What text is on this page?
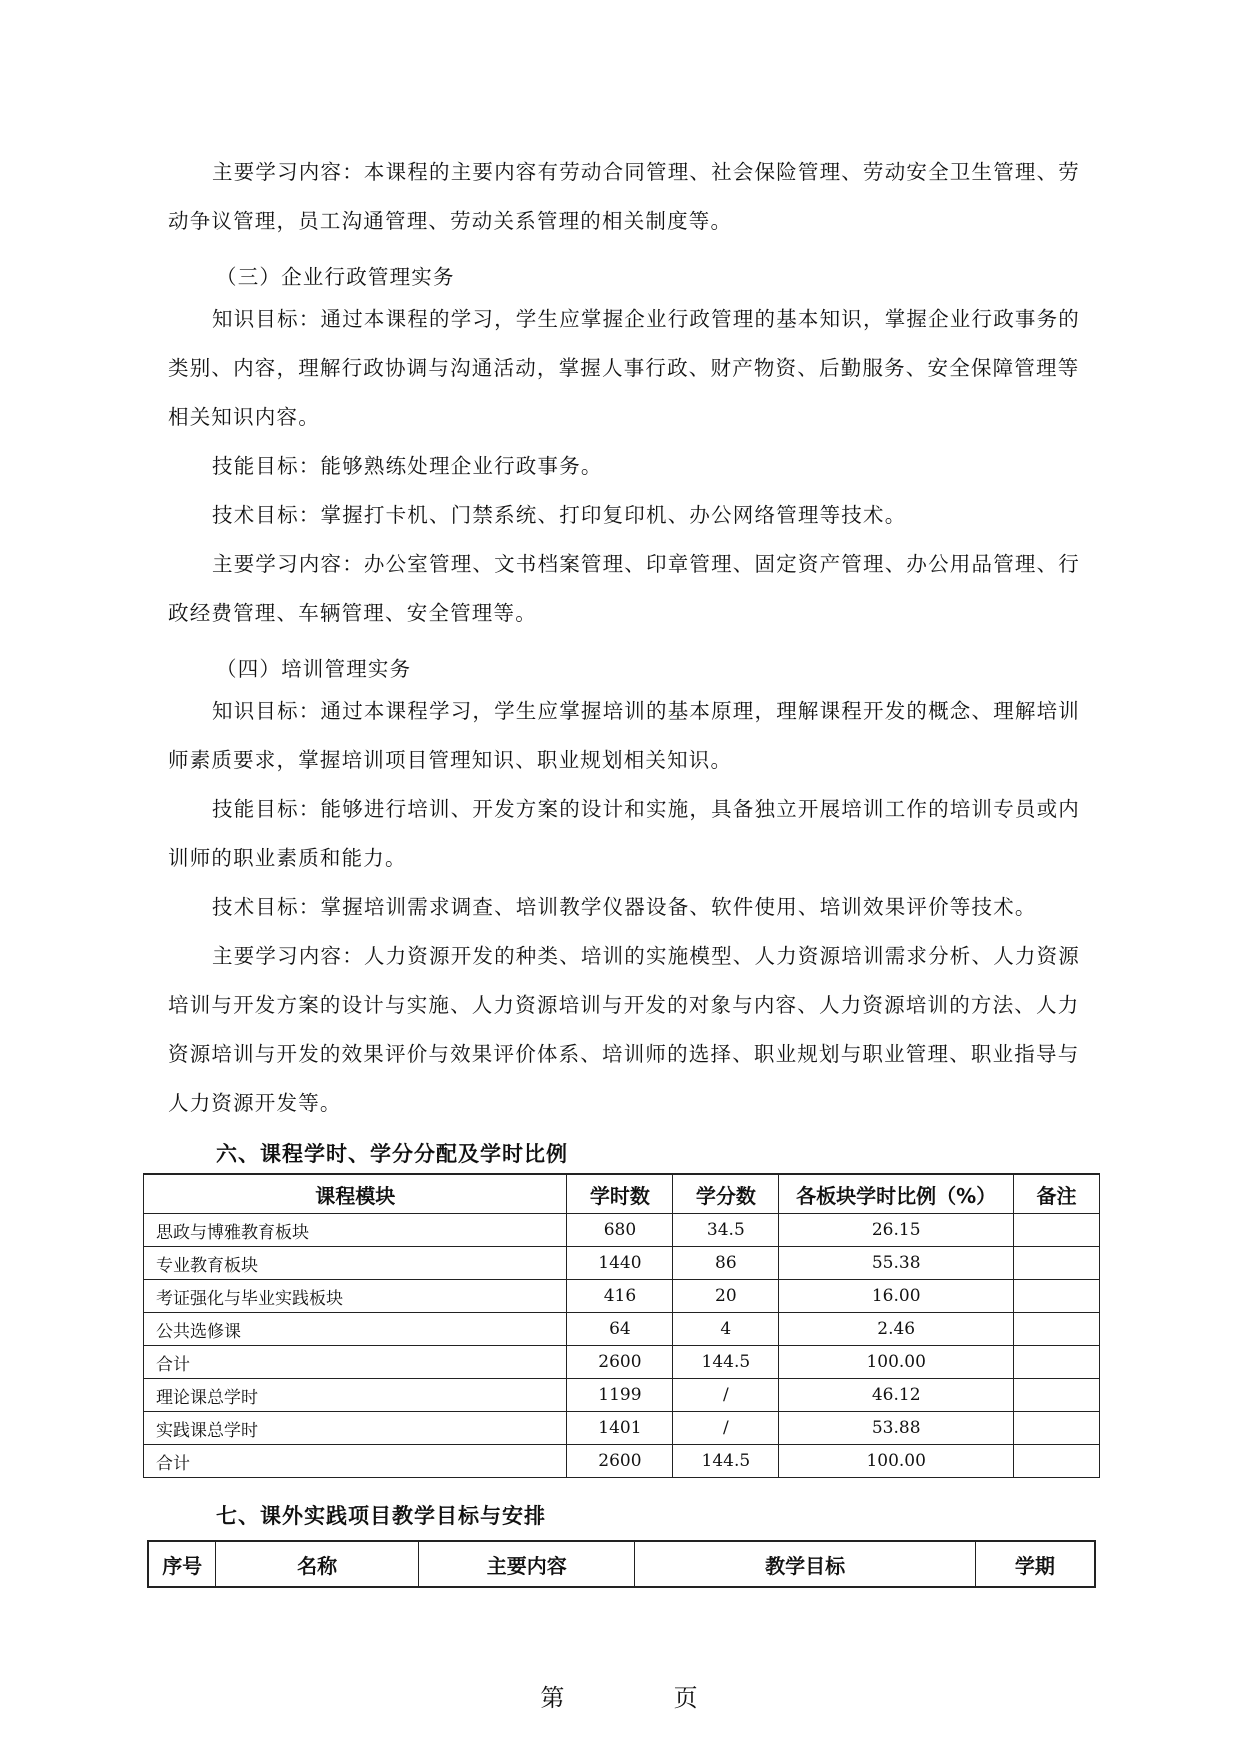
主要学习内容：本课程的主要内容有劳动合同管理、社会保险管理、劳动安全卫生管理、劳
动争议管理，员工沟通管理、劳动关系管理的相关制度等。

（三）企业行政管理实务

知识目标：通过本课程的学习，学生应掌握企业行政管理的基本知识，掌握企业行政事务的
类别、内容，理解行政协调与沟通活动，掌握人事行政、财产物资、后勤服务、安全保障管理等
相关知识内容。
技能目标：能够熟练处理企业行政事务。
技术目标：掌握打卡机、门禁系统、打印复印机、办公网络管理等技术。
主要学习内容：办公室管理、文书档案管理、印章管理、固定资产管理、办公用品管理、行
政经费管理、车辆管理、安全管理等。

（四）培训管理实务

知识目标：通过本课程学习，学生应掌握培训的基本原理，理解课程开发的概念、理解培训
师素质要求，掌握培训项目管理知识、职业规划相关知识。
技能目标：能够进行培训、开发方案的设计和实施，具备独立开展培训工作的培训专员或内
训师的职业素质和能力。
技术目标：掌握培训需求调查、培训教学仪器设备、软件使用、培训效果评价等技术。
主要学习内容：人力资源开发的种类、培训的实施模型、人力资源培训需求分析、人力资源
培训与开发方案的设计与实施、人力资源培训与开发的对象与内容、人力资源培训的方法、人力
资源培训与开发的效果评价与效果评价体系、培训师的选择、职业规划与职业管理、职业指导与
人力资源开发等。

六、课程学时、学分分配及学时比例

课程模块	学时数	学分数	各板块学时比例（%）	备注
思政与博雅教育板块	680	34.5	26.15	
专业教育板块	1440	86	55.38	
考证强化与毕业实践板块	416	20	16.00	
公共选修课	64	4	2.46	
合计	2600	144.5	100.00	
理论课总学时	1199	/	46.12	
实践课总学时	1401	/	53.88	
合计	2600	144.5	100.00	

七、课外实践项目教学目标与安排

序号	名称	主要内容	教学目标	学期
第	页
